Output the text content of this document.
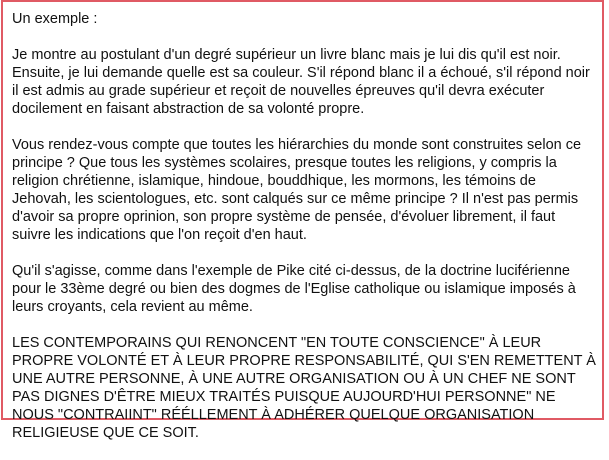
Un exemple :

Je montre au postulant d'un degré supérieur un livre blanc mais je lui dis qu'il est noir. Ensuite, je lui demande quelle est sa couleur. S'il répond blanc il a échoué, s'il répond noir il est admis au grade supérieur et reçoit de nouvelles épreuves qu'il devra exécuter docilement en faisant abstraction de sa volonté propre.

Vous rendez-vous compte que toutes les hiérarchies du monde sont construites selon ce principe ? Que tous les systèmes scolaires, presque toutes les religions, y compris la religion chrétienne, islamique, hindoue, bouddhique, les mormons, les témoins de Jehovah, les scientologues, etc. sont calqués sur ce même principe ? Il n'est pas permis d'avoir sa propre oprinion, son propre système de pensée, d'évoluer librement, il faut suivre les indications que l'on reçoit d'en haut.

Qu'il s'agisse, comme dans l'exemple de Pike cité ci-dessus, de la doctrine luciférienne pour le 33ème degré ou bien des dogmes de l'Eglise catholique ou islamique imposés à leurs croyants, cela revient au même.

LES CONTEMPORAINS QUI RENONCENT "EN TOUTE CONSCIENCE" À LEUR PROPRE VOLONTÉ ET À LEUR PROPRE RESPONSABILITÉ, QUI S'EN REMETTENT À UNE AUTRE PERSONNE, À UNE AUTRE ORGANISATION OU À UN CHEF NE SONT PAS DIGNES D'ÊTRE MIEUX TRAITÉS PUISQUE AUJOURD'HUI PERSONNE" NE NOUS "CONTRAIINT" RÉÉLLEMENT À ADHÉRER QUELQUE ORGANISATION RELIGIEUSE QUE CE SOIT.
